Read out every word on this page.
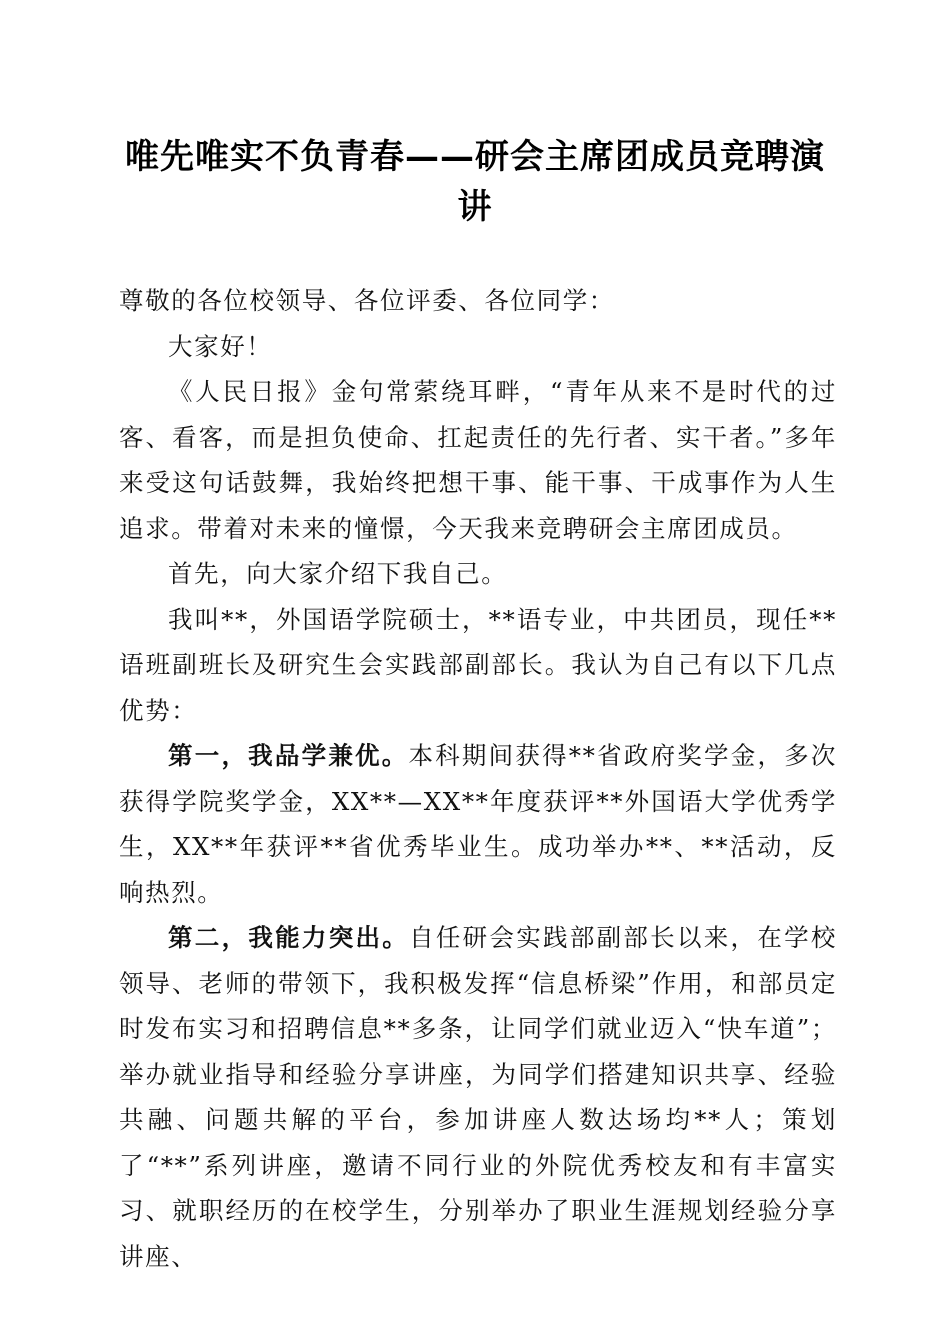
唯先唯实不负青春——研会主席团成员竞聘演讲

尊敬的各位校领导、各位评委、各位同学：

大家好！

《人民日报》金句常萦绕耳畔，“青年从来不是时代的过客、看客，而是担负使命、扛起责任的先行者、实干者。”多年来受这句话鼓舞，我始终把想干事、能干事、干成事作为人生追求。带着对未来的憧憬，今天我来竞聘研会主席团成员。

首先，向大家介绍下我自己。

我叫**，外国语学院硕士，**语专业，中共团员，现任**语班副班长及研究生会实践部副部长。我认为自己有以下几点优势：

第一，我品学兼优。本科期间获得**省政府奖学金，多次获得学院奖学金，XX**—XX**年度获评**外国语大学优秀学生，XX**年获评**省优秀毕业生。成功举办**、**活动，反响热烈。

第二，我能力突出。自任研会实践部副部长以来，在学校领导、老师的带领下，我积极发挥“信息桥梁”作用，和部员定时发布实习和招聘信息**多条，让同学们就业迈入“快车道”；举办就业指导和经验分享讲座，为同学们搭建知识共享、经验共融、问题共解的平台，参加讲座人数达场均**人；策划了“**”系列讲座，邀请不同行业的外院优秀校友和有丰富实习、就职经历的在校学生，分别举办了职业生涯规划经验分享讲座、
